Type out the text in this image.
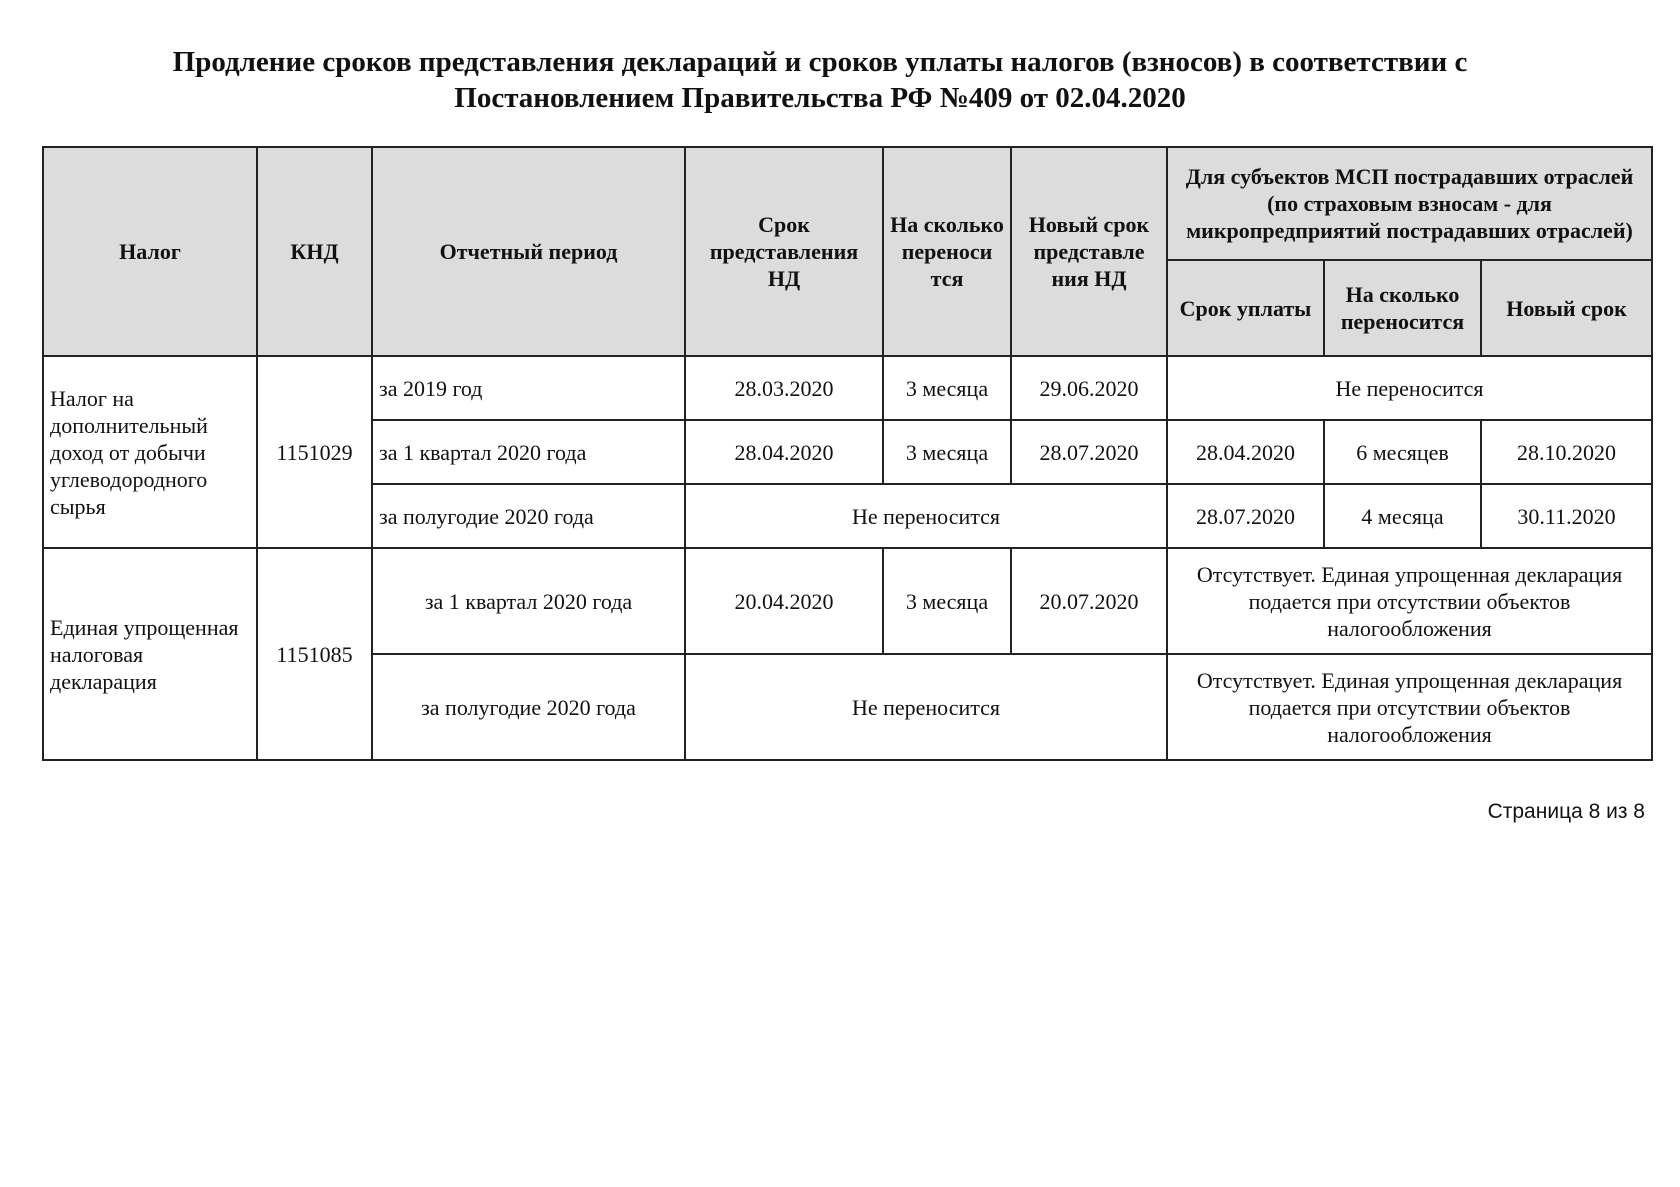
Продление сроков представления деклараций и сроков уплаты налогов (взносов) в соответствии с
Постановлением Правительства РФ №409 от 02.04.2020
Налог	КНД	Отчетный период	Срок представления НД	На сколько переноси тся	Новый срок представле ния НД	Для субъектов МСП пострадавших отраслей (по страховым взносам - для микропредприятий пострадавших отраслей)		
						Срок уплаты	На сколько переносится	Новый срок
Налог на дополнительный доход от добычи углеводородного сырья	1151029	за 2019 год	28.03.2020	3 месяца	29.06.2020	Не переносится		
		за 1 квартал 2020 года	28.04.2020	3 месяца	28.07.2020	28.04.2020	6 месяцев	28.10.2020
		за полугодие 2020 года	Не переносится			28.07.2020	4 месяца	30.11.2020
Единая упрощенная налоговая декларация	1151085	за 1 квартал 2020 года	20.04.2020	3 месяца	20.07.2020	Отсутствует. Единая упрощенная декларация подается при отсутствии объектов налогообложения		
		за полугодие 2020 года	Не переносится			Отсутствует. Единая упрощенная декларация подается при отсутствии объектов налогообложения		
Страница 8 из 8
